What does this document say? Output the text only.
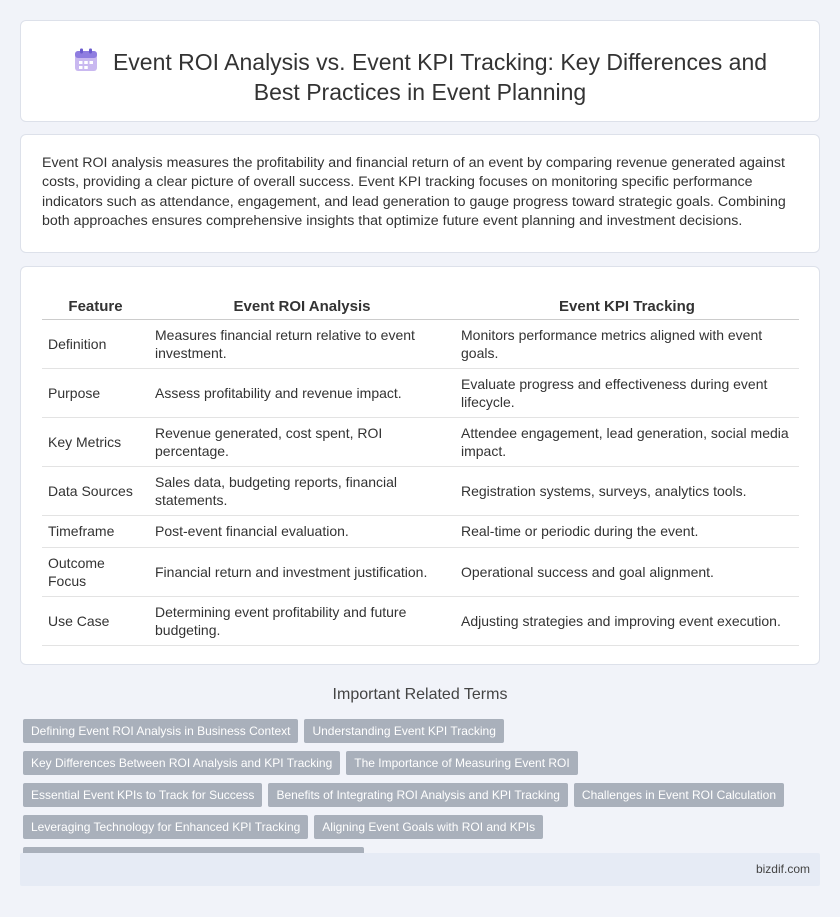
Event ROI Analysis vs. Event KPI Tracking: Key Differences and
Best Practices in Event Planning

Event ROI analysis measures the profitability and financial return of an event by comparing revenue generated against costs, providing a clear picture of overall success. Event KPI tracking focuses on monitoring specific performance indicators such as attendance, engagement, and lead generation to gauge progress toward strategic goals. Combining both approaches ensures comprehensive insights that optimize future event planning and investment decisions.

Feature	Event ROI Analysis	Event KPI Tracking
Definition	Measures financial return relative to event investment.	Monitors performance metrics aligned with event goals.
Purpose	Assess profitability and revenue impact.	Evaluate progress and effectiveness during event lifecycle.
Key Metrics	Revenue generated, cost spent, ROI percentage.	Attendee engagement, lead generation, social media impact.
Data Sources	Sales data, budgeting reports, financial statements.	Registration systems, surveys, analytics tools.
Timeframe	Post-event financial evaluation.	Real-time or periodic during the event.
Outcome Focus	Financial return and investment justification.	Operational success and goal alignment.
Use Case	Determining event profitability and future budgeting.	Adjusting strategies and improving event execution.
Important Related Terms
Defining Event ROI Analysis in Business Context	Understanding Event KPI Tracking
Key Differences Between ROI Analysis and KPI Tracking	The Importance of Measuring Event ROI
Essential Event KPIs to Track for Success	Benefits of Integrating ROI Analysis and KPI Tracking	Challenges in Event ROI Calculation
Leveraging Technology for Enhanced KPI Tracking	Aligning Event Goals with ROI and KPIs
bizdif.com
